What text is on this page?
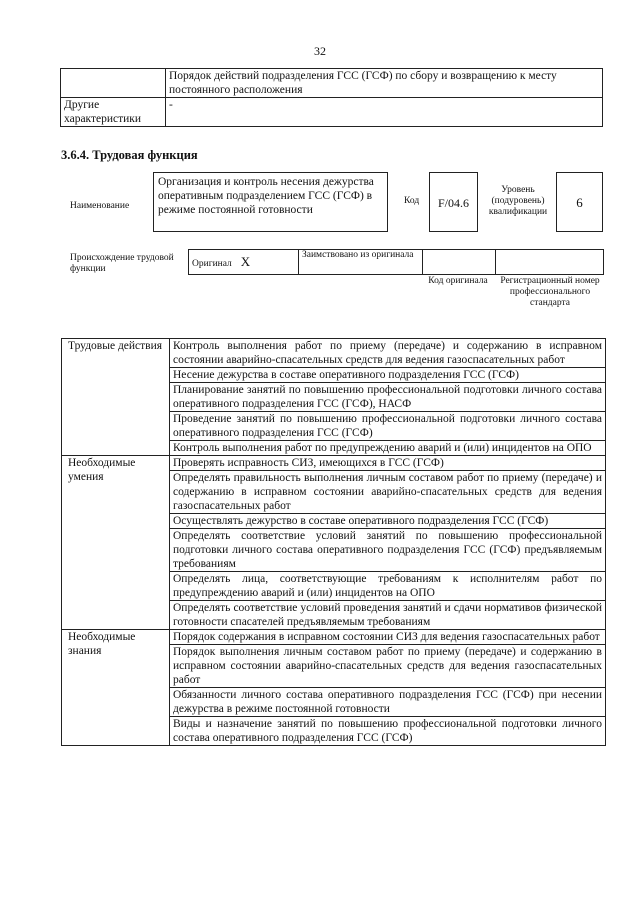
32
	Порядок действий подразделения ГСС (ГСФ) по сбору и возвращению к месту постоянного расположения
Другие характеристики	-
3.6.4. Трудовая функция
Наименование
Организация и контроль несения дежурства оперативным подразделением ГСС (ГСФ) в режиме постоянной готовности
Код	F/04.6
Уровень (подуровень) квалификации
6
Происхождение трудовой функции
Оригинал X	Заимствовано из оригинала		
Код оригинала Регистрационный номер профессионального стандарта
Трудовые действия	Контроль выполнения работ по приему (передаче) и содержанию в исправном состоянии аварийно-спасательных средств для ведения газоспасательных работ
	Несение дежурства в составе оперативного подразделения ГСС (ГСФ)
	Планирование занятий по повышению профессиональной подготовки личного состава оперативного подразделения ГСС (ГСФ), НАСФ
	Проведение занятий по повышению профессиональной подготовки личного состава оперативного подразделения ГСС (ГСФ)
	Контроль выполнения работ по предупреждению аварий и (или) инцидентов на ОПО
Необходимые умения	Проверять исправность СИЗ, имеющихся в ГСС (ГСФ)
	Определять правильность выполнения личным составом работ по приему (передаче) и содержанию в исправном состоянии аварийно-спасательных средств для ведения газоспасательных работ
	Осуществлять дежурство в составе оперативного подразделения ГСС (ГСФ)
	Определять соответствие условий занятий по повышению профессиональной подготовки личного состава оперативного подразделения ГСС (ГСФ) предъявляемым требованиям
	Определять лица, соответствующие требованиям к исполнителям работ по предупреждению аварий и (или) инцидентов на ОПО
	Определять соответствие условий проведения занятий и сдачи нормативов физической готовности спасателей предъявляемым требованиям
Необходимые знания	Порядок содержания в исправном состоянии СИЗ для ведения газоспасательных работ
	Порядок выполнения личным составом работ по приему (передаче) и содержанию в исправном состоянии аварийно-спасательных средств для ведения газоспасательных работ
	Обязанности личного состава оперативного подразделения ГСС (ГСФ) при несении дежурства в режиме постоянной готовности
	Виды и назначение занятий по повышению профессиональной подготовки личного состава оперативного подразделения ГСС (ГСФ)
